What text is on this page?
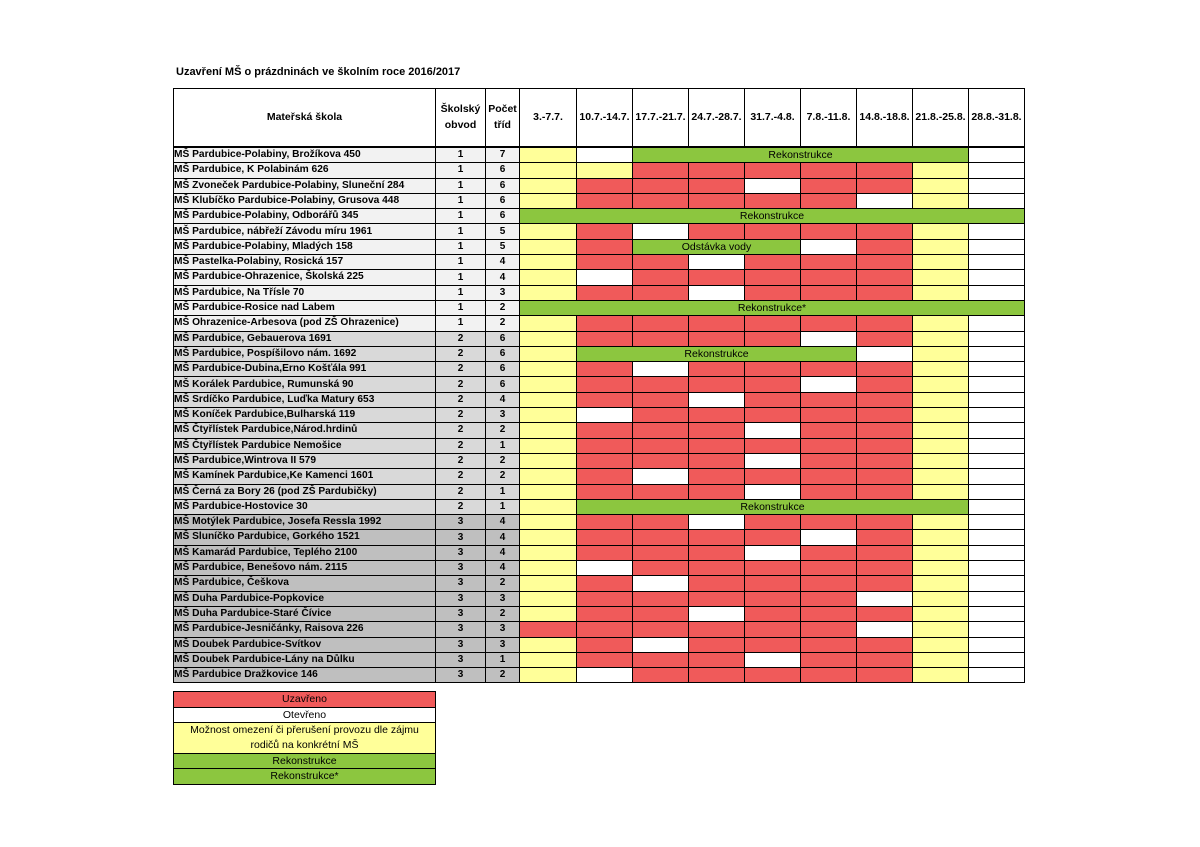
Uzavření MŠ o prázdninách ve školním roce 2016/2017
Mateřská škola	Školský obvod	Počet tříd	3.-7.7.	10.7.-14.7.	17.7.-21.7.	24.7.-28.7.	31.7.-4.8.	7.8.-11.8.	14.8.-18.8.	21.8.-25.8.	28.8.-31.8.
MŠ Pardubice-Polabiny, Brožíkova 450	1	7			Rekonstrukce						
MŠ Pardubice, K Polabinám 626	1	6									
MŠ Zvoneček Pardubice-Polabiny, Sluneční 284	1	6									
MŠ Klubíčko Pardubice-Polabiny, Grusova 448	1	6									
MŠ Pardubice-Polabiny, Odborářů 345	1	6	Rekonstrukce								
MŠ Pardubice, nábřeží Závodu míru 1961	1	5									
MŠ Pardubice-Polabiny, Mladých 158	1	5			Odstávka vody						
MŠ Pastelka-Polabiny, Rosická 157	1	4									
MŠ Pardubice-Ohrazenice, Školská 225	1	4									
MŠ Pardubice, Na Třísle 70	1	3									
MŠ Pardubice-Rosice nad Labem	1	2	Rekonstrukce*								
MŠ Ohrazenice-Arbesova (pod ZŠ Ohrazenice)	1	2									
MŠ Pardubice, Gebauerova 1691	2	6									
MŠ Pardubice, Pospíšilovo nám. 1692	2	6		Rekonstrukce							
MŠ Pardubice-Dubina,Erno Košťála 991	2	6									
MŠ Korálek Pardubice, Rumunská 90	2	6									
MŠ Srdíčko Pardubice, Luďka Matury 653	2	4									
MŠ Koníček Pardubice,Bulharská 119	2	3									
MŠ Čtyřlístek Pardubice,Národ.hrdinů	2	2									
MŠ Čtyřlístek Pardubice Nemošice	2	1									
MŠ Pardubice,Wintrova II 579	2	2									
MŠ Kamínek Pardubice,Ke Kamenci 1601	2	2									
MŠ Černá za Bory 26 (pod ZŠ Pardubičky)	2	1									
MŠ Pardubice-Hostovice 30	2	1		Rekonstrukce							
MŠ Motýlek Pardubice, Josefa Ressla 1992	3	4									
MŠ Sluníčko Pardubice, Gorkého 1521	3	4									
MŠ Kamarád Pardubice, Teplého 2100	3	4									
MŠ Pardubice, Benešovo nám. 2115	3	4									
MŠ Pardubice, Češkova	3	2									
MŠ Duha Pardubice-Popkovice	3	3									
MŠ Duha Pardubice-Staré Čívice	3	2									
MŠ Pardubice-Jesničánky, Raisova 226	3	3									
MŠ Doubek Pardubice-Svítkov	3	3									
MŠ Doubek Pardubice-Lány na Důlku	3	1									
MŠ Pardubice Dražkovice 146	3	2									
Uzavřeno
Otevřeno
Možnost omezení či přerušení provozu dle zájmu rodičů na konkrétní MŠ
Rekonstrukce
Rekonstrukce*
